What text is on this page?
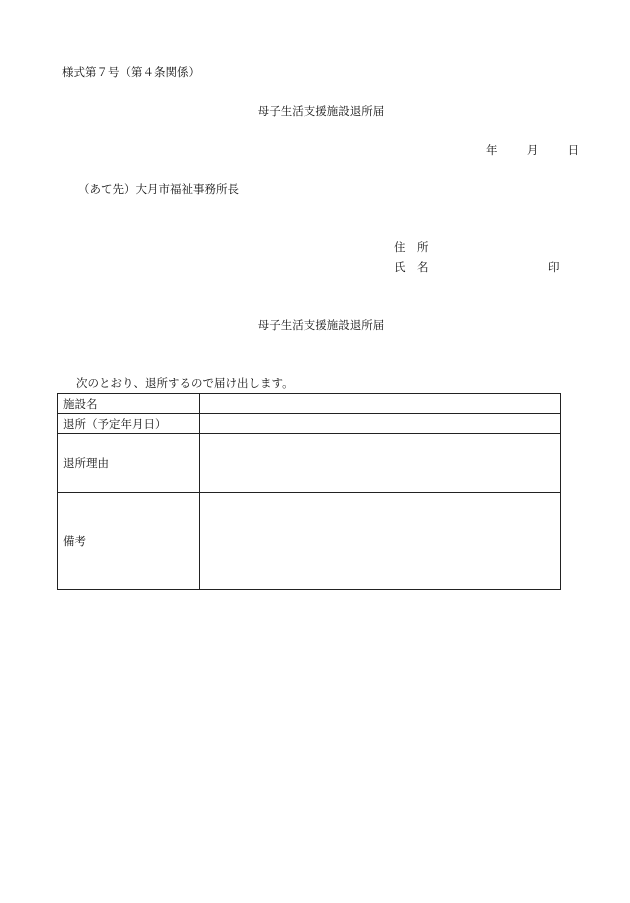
様式第７号（第４条関係）
母子生活支援施設退所届
年	月	日
（あて先）大月市福祉事務所長
住　所
氏　名	印
母子生活支援施設退所届
次のとおり、退所するので届け出します。
施設名	
退所（予定年月日）	
退所理由	
備考	
